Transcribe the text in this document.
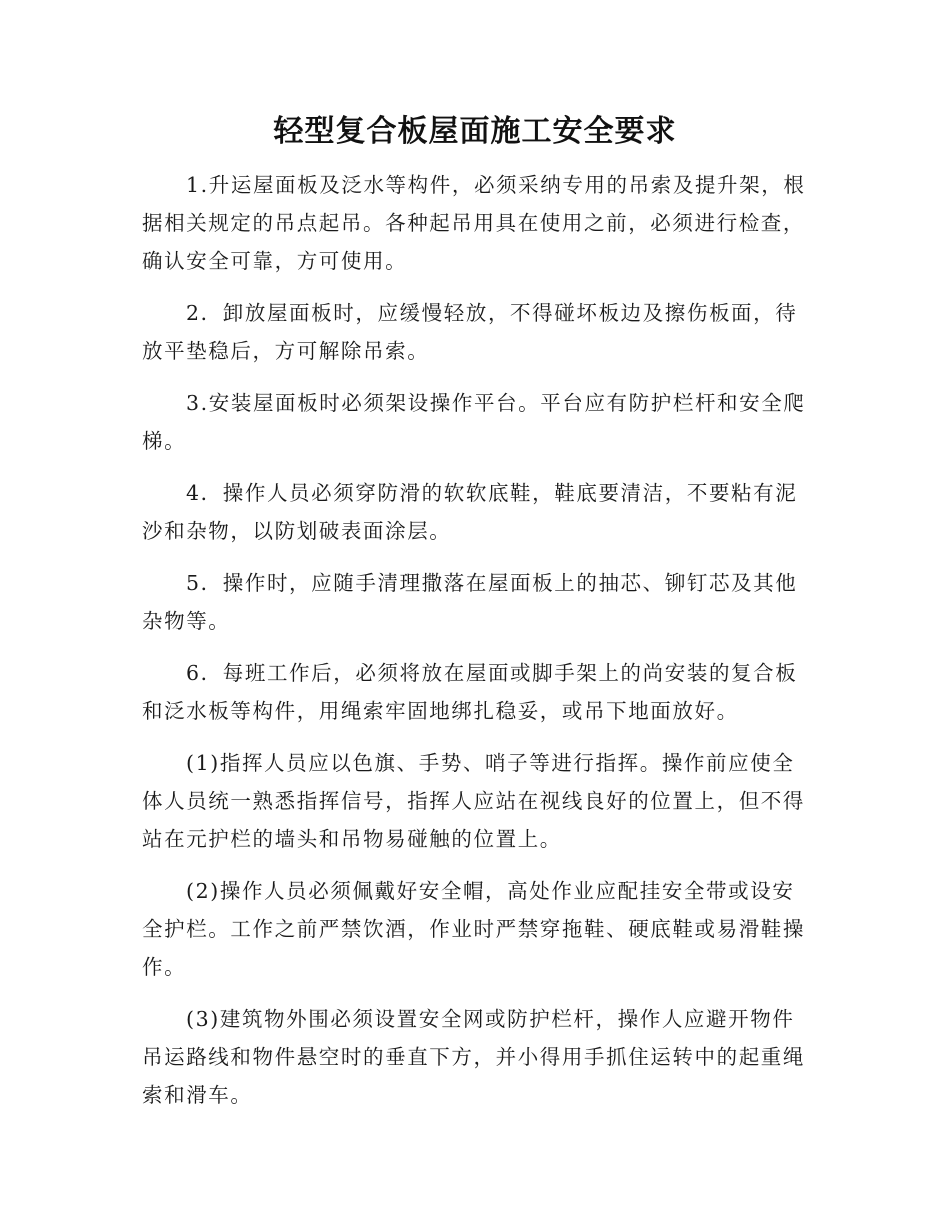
轻型复合板屋面施工安全要求

1.升运屋面板及泛水等构件，必须采纳专用的吊索及提升架，根据相关规定的吊点起吊。各种起吊用具在使用之前，必须进行检查，确认安全可靠，方可使用。

2．卸放屋面板时，应缓慢轻放，不得碰坏板边及擦伤板面，待放平垫稳后，方可解除吊索。

3.安装屋面板时必须架设操作平台。平台应有防护栏杆和安全爬梯。

4．操作人员必须穿防滑的软软底鞋，鞋底要清洁，不要粘有泥沙和杂物，以防划破表面涂层。

5．操作时，应随手清理撒落在屋面板上的抽芯、铆钉芯及其他杂物等。

6．每班工作后，必须将放在屋面或脚手架上的尚安装的复合板和泛水板等构件，用绳索牢固地绑扎稳妥，或吊下地面放好。

(1)指挥人员应以色旗、手势、哨子等进行指挥。操作前应使全体人员统一熟悉指挥信号，指挥人应站在视线良好的位置上，但不得站在元护栏的墙头和吊物易碰触的位置上。

(2)操作人员必须佩戴好安全帽，高处作业应配挂安全带或设安全护栏。工作之前严禁饮酒，作业时严禁穿拖鞋、硬底鞋或易滑鞋操作。

(3)建筑物外围必须设置安全网或防护栏杆，操作人应避开物件吊运路线和物件悬空时的垂直下方，并小得用手抓住运转中的起重绳索和滑车。
